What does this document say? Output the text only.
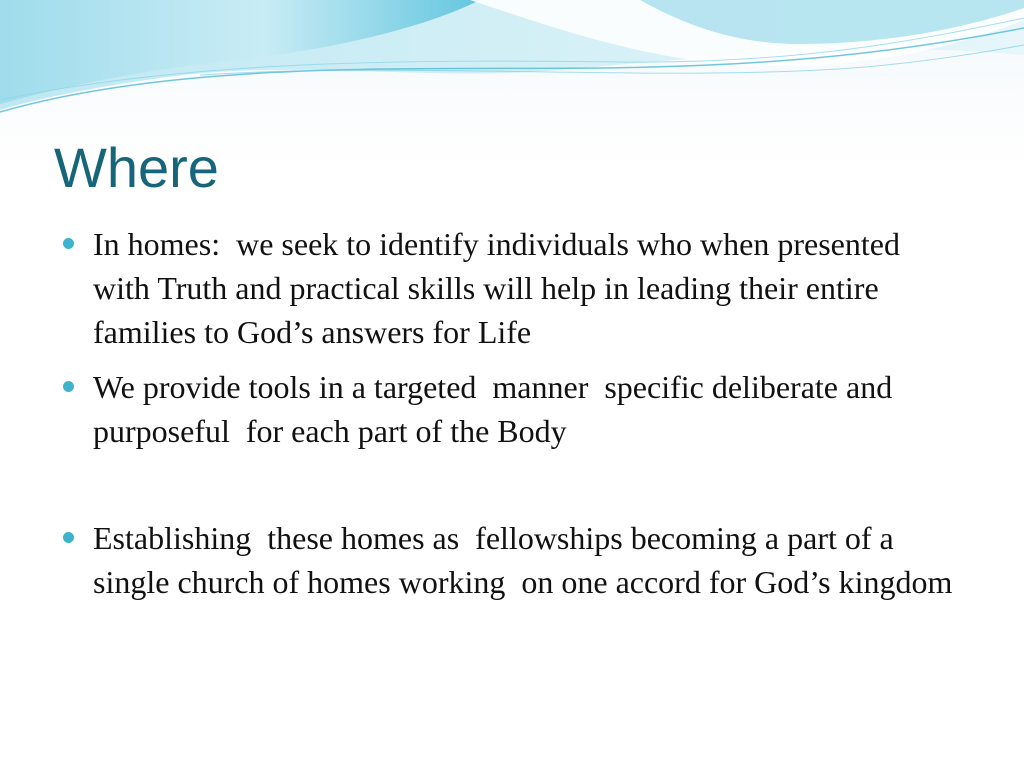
Where
In homes:  we seek to identify individuals who when presented  with Truth and practical skills will help in leading their entire families to God’s answers for Life
We provide tools in a targeted  manner  specific deliberate and purposeful  for each part of the Body
Establishing  these homes as  fellowships becoming a part of a  single church of homes working  on one accord for God’s kingdom
